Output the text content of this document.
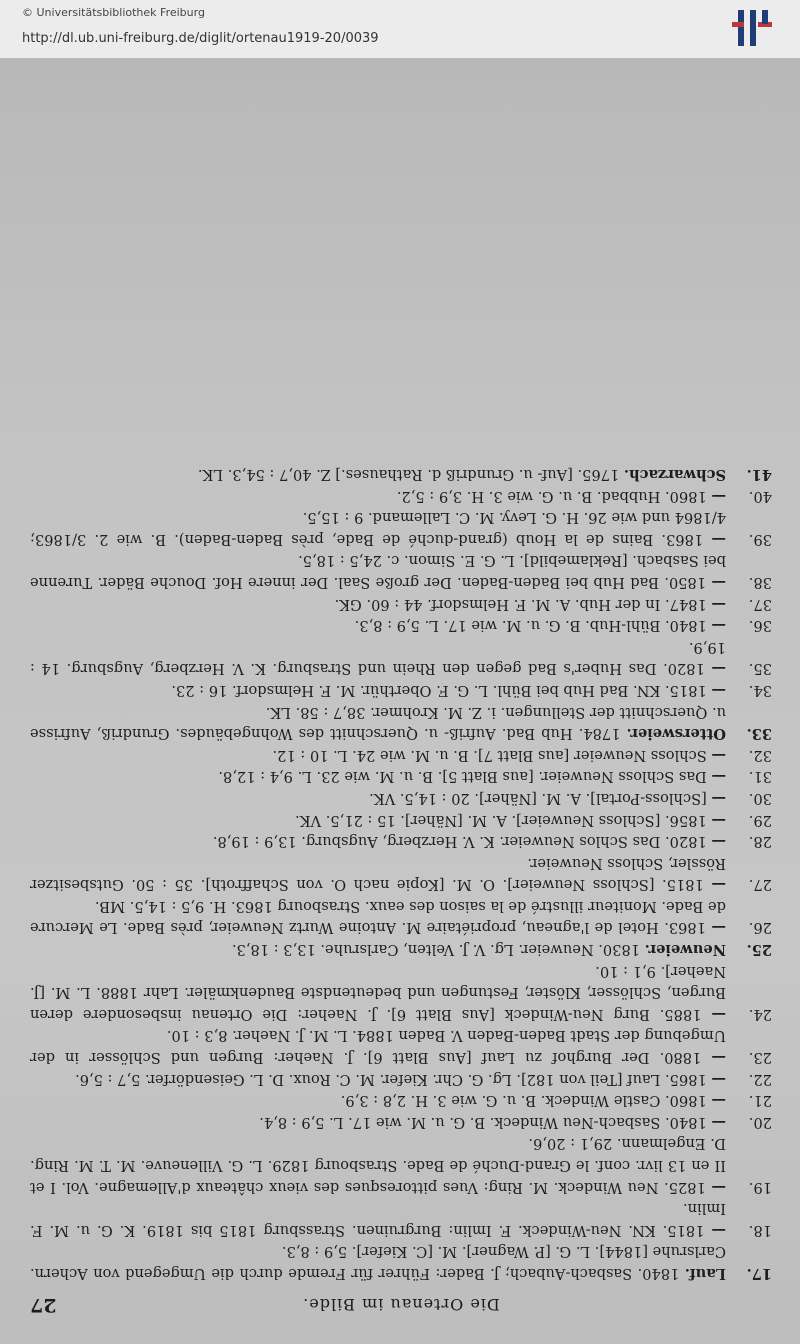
© Universitätsbibliothek Freiburg
http://dl.ub.uni-freiburg.de/diglit/ortenau1919-20/0039
Die Ortenau im Bilde.
27
17.
Lauf. 1840. Sasbach-Aubach; J. Bader: Führer für Fremde durch die Umgegend von Achern. Carlsruhe [1844]. L. G. [P. Wagner]. M. [C. Kiefer]. 5,9 : 8,3.
18.
— 1815. KN. Neu-Windeck. F. Imlin: Burgruinen. Strassburg 1815 bis 1819. K. G. u. M. F. Imlin.
19.
— 1825. Neu Windeck. M. Ring: Vues pittoresques des vieux châteaux d'Allemagne. Vol. I et II en 13 livr. conf. le Grand-Duché de Bade. Strasbourg 1829. L. G. Villeneuve. M. T. M. Ring. D. Engelmann. 29,1 : 20,6.
20.
— 1840. Sasbach-Neu Windeck. B. G. u. M. wie 17. L. 5,9 : 8,4.
21.
— 1860. Castle Windeck. B. u. G. wie 3. H. 2,8 : 3,9.
22.
— 1865. Lauf [Teil von 182]. Lg. G. Chr. Kiefer. M. C. Roux. D. L. Geisendörfer. 5,7 : 5,6.
23.
— 1880. Der Burghof zu Lauf [Aus Blatt 6]. J. Naeher: Burgen und Schlösser in der Umgebung der Stadt Baden-Baden V. Baden 1884. L. M. J. Naeher. 8,3 : 10.
24.
— 1885. Burg Neu-Windeck [Aus Blatt 6]. J. Naeher: Die Ortenau insbesondere deren Burgen, Schlösser, Klöster, Festungen und bedeutendste Baudenkmäler. Lahr 1888. L. M. [J. Naeher]. 9,1 : 10.
25.
Neuweier. 1830. Neuweier. Lg. V. J. Velten, Carlsruhe. 13,3 : 18,3.
26.
— 1863. Hotel de l'agneau, propriétaire M. Antoine Wurtz Neuweier, près Bade. Le Mercure de Bade. Moniteur illustré de la saison des eaux. Strasbourg 1863. H. 9,5 : 14,5. MB.
27.
— 1815. [Schloss Neuweier]. O. M. [Kopie nach O. von Schaffroth]. 35 : 50. Gutsbesitzer Rössler, Schloss Neuweier.
28.
— 1820. Das Schlos Neuweier. K. V. Herzberg, Augsburg. 13,9 : 19,8.
29.
— 1856. [Schloss Neuweier]. A. M. [Näher]. 15 : 21,5. VK.
30.
— [Schloss-Portal]. A. M. [Näher]. 20 : 14,5. VK.
31.
— Das Schloss Neuweier. [aus Blatt 5]. B. u. M. wie 23. L. 9,4 : 12,8.
32.
— Schloss Neuweier [aus Blatt 7]. B. u. M. wie 24. L. 10 : 12.
33.
Ottersweier. 1784. Hub Bad. Aufriß- u. Querschnitt des Wohngebäudes. Grundriß, Aufrisse u. Querschnitt der Stellungen. i. Z. M. Krohmer. 38,7 : 58. LK.
34.
— 1815. KN. Bad Hub bei Bühl. L. G. F. Oberthür. M. F. Helmsdorf. 16 : 23.
35.
— 1820. Das Huber's Bad gegen den Rhein und Strasburg. K. V. Herzberg, Augsburg. 14 : 19,9.
36.
— 1840. Bühl-Hub. B. G. u. M. wie 17. L. 5,9 : 8,3.
37.
— 1847. In der Hub. A. M. F. Helmsdorf. 44 : 60. GK.
38.
— 1850. Bad Hub bei Baden-Baden. Der große Saal. Der innere Hof. Douche Bäder. Turenne bei Sasbach. [Reklamebild]. L. G. E. Simon. c. 24,5 : 18,5.
39.
— 1863. Bains de la Houb (grand-duché de Bade, près Baden-Baden). B. wie 2. 3/1863; 4/1864 und wie 26. H. G. Levy. M. C. Lallemand. 9 : 15,5.
40.
— 1860. Hubbad. B. u. G. wie 3. H. 3,9 : 5,2.
41.
Schwarzach. 1765. [Auf- u. Grundriß d. Rathauses.] Z. 40,7 : 54,3. LK.
